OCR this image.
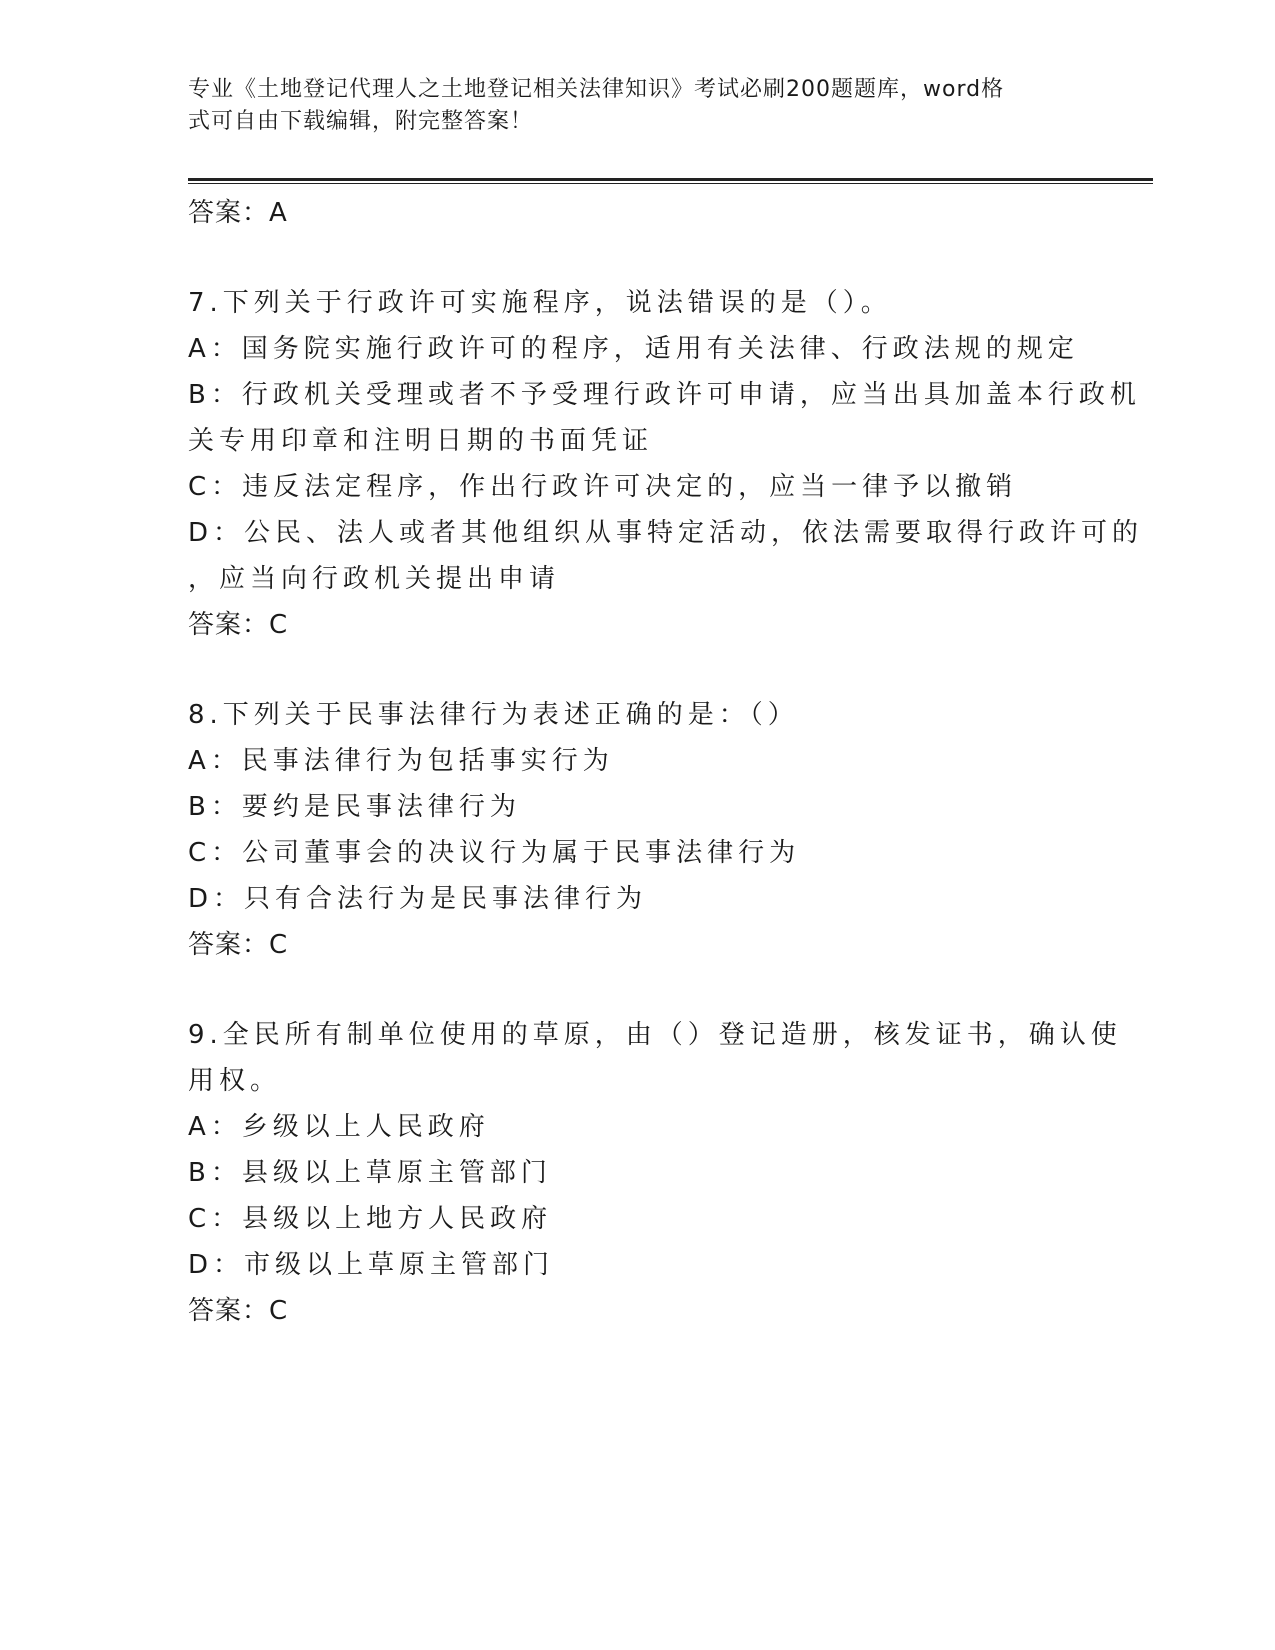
专业《土地登记代理人之土地登记相关法律知识》考试必刷200题题库，word格
式可自由下载编辑，附完整答案！
答案：A
7.下列关于行政许可实施程序，说法错误的是（）。
A：国务院实施行政许可的程序，适用有关法律、行政法规的规定
B：行政机关受理或者不予受理行政许可申请，应当出具加盖本行政机
关专用印章和注明日期的书面凭证
C：违反法定程序，作出行政许可决定的，应当一律予以撤销
D：公民、法人或者其他组织从事特定活动，依法需要取得行政许可的
，应当向行政机关提出申请
答案：C
8.下列关于民事法律行为表述正确的是：（）
A：民事法律行为包括事实行为
B：要约是民事法律行为
C：公司董事会的决议行为属于民事法律行为
D：只有合法行为是民事法律行为
答案：C
9.全民所有制单位使用的草原，由（）登记造册，核发证书，确认使
用权。
A：乡级以上人民政府
B：县级以上草原主管部门
C：县级以上地方人民政府
D：市级以上草原主管部门
答案：C
